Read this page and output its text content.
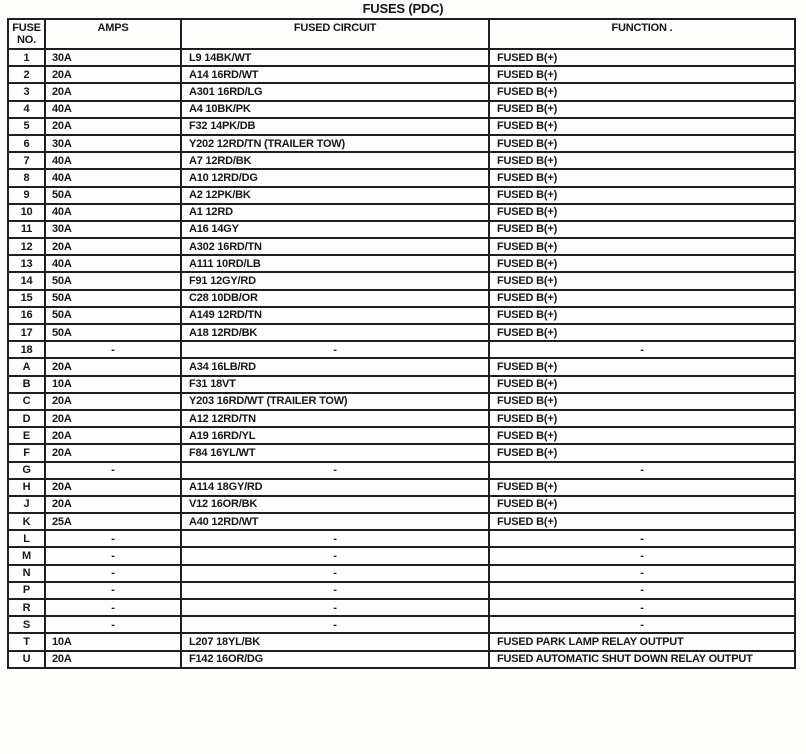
FUSES (PDC)
FUSE NO.	AMPS	FUSED CIRCUIT	FUNCTION .
1	30A	L9 14BK/WT	FUSED B(+)
2	20A	A14 16RD/WT	FUSED B(+)
3	20A	A301 16RD/LG	FUSED B(+)
4	40A	A4 10BK/PK	FUSED B(+)
5	20A	F32 14PK/DB	FUSED B(+)
6	30A	Y202 12RD/TN (TRAILER TOW)	FUSED B(+)
7	40A	A7 12RD/BK	FUSED B(+)
8	40A	A10 12RD/DG	FUSED B(+)
9	50A	A2 12PK/BK	FUSED B(+)
10	40A	A1 12RD	FUSED B(+)
11	30A	A16 14GY	FUSED B(+)
12	20A	A302 16RD/TN	FUSED B(+)
13	40A	A111 10RD/LB	FUSED B(+)
14	50A	F91 12GY/RD	FUSED B(+)
15	50A	C28 10DB/OR	FUSED B(+)
16	50A	A149 12RD/TN	FUSED B(+)
17	50A	A18 12RD/BK	FUSED B(+)
18	-	-	-
A	20A	A34 16LB/RD	FUSED B(+)
B	10A	F31 18VT	FUSED B(+)
C	20A	Y203 16RD/WT (TRAILER TOW)	FUSED B(+)
D	20A	A12 12RD/TN	FUSED B(+)
E	20A	A19 16RD/YL	FUSED B(+)
F	20A	F84 16YL/WT	FUSED B(+)
G	-	-	-
H	20A	A114 18GY/RD	FUSED B(+)
J	20A	V12 16OR/BK	FUSED B(+)
K	25A	A40 12RD/WT	FUSED B(+)
L	-	-	-
M	-	-	-
N	-	-	-
P	-	-	-
R	-	-	-
S	-	-	-
T	10A	L207 18YL/BK	FUSED PARK LAMP RELAY OUTPUT
U	20A	F142 16OR/DG	FUSED AUTOMATIC SHUT DOWN RELAY OUTPUT
